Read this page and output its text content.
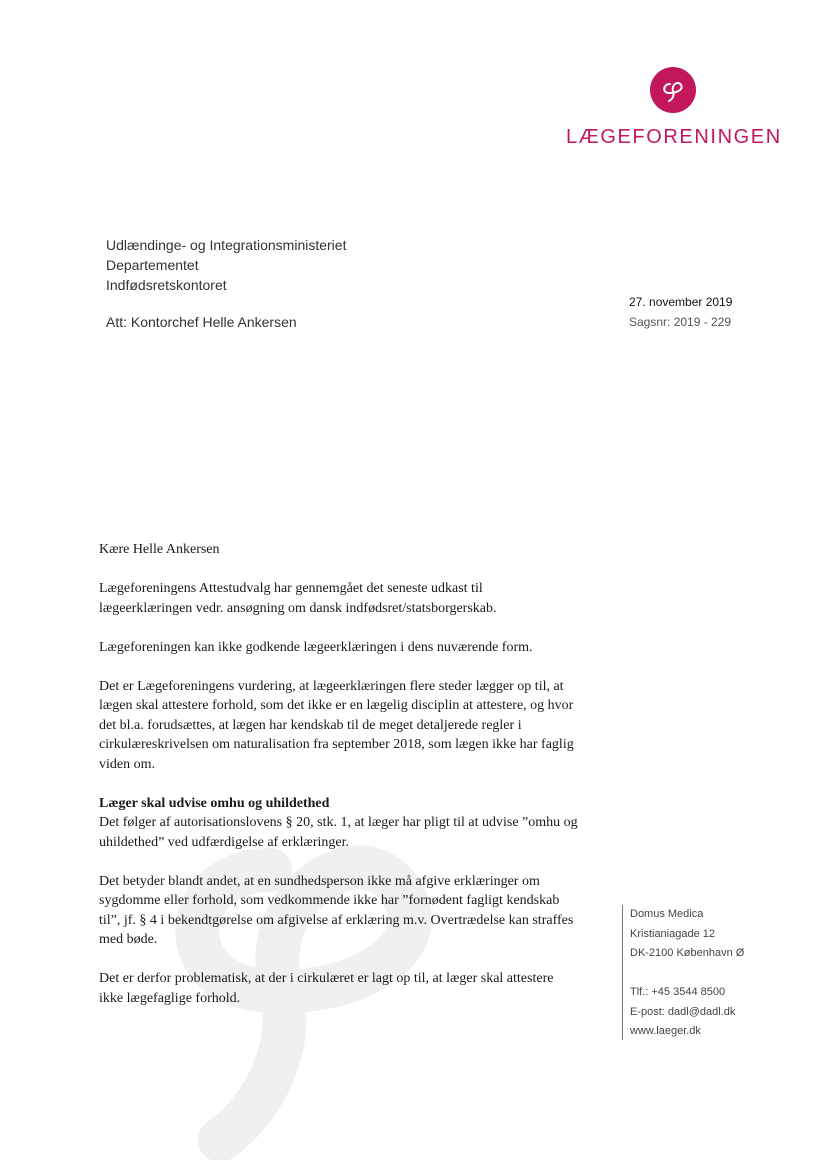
LÆGEFORENINGEN
Udlændinge- og Integrationsministeriet
Departementet
Indfødsretskontoret
Att: Kontorchef Helle Ankersen
27. november 2019
Sagsnr: 2019 - 229

Kære Helle Ankersen

Lægeforeningens Attestudvalg har gennemgået det seneste udkast til lægeerklæringen vedr. ansøgning om dansk indfødsret/statsborgerskab.

Lægeforeningen kan ikke godkende lægeerklæringen i dens nuværende form.

Det er Lægeforeningens vurdering, at lægeerklæringen flere steder lægger op til, at lægen skal attestere forhold, som det ikke er en lægelig disciplin at attestere, og hvor det bl.a. forudsættes, at lægen har kendskab til de meget detaljerede regler i cirkulæreskrivelsen om naturalisation fra september 2018, som lægen ikke har faglig viden om.

Læger skal udvise omhu og uhildethed

Det følger af autorisationslovens § 20, stk. 1, at læger har pligt til at udvise ”omhu og uhildethed” ved udfærdigelse af erklæringer.

Det betyder blandt andet, at en sundhedsperson ikke må afgive erklæringer om sygdomme eller forhold, som vedkommende ikke har ”fornødent fagligt kendskab til”, jf. § 4 i bekendtgørelse om afgivelse af erklæring m.v. Overtrædelse kan straffes med bøde.

Det er derfor problematisk, at der i cirkulæret er lagt op til, at læger skal attestere ikke lægefaglige forhold.

Domus Medica
Kristianiagade 12
DK-2100 København Ø
Tlf.: +45 3544 8500
E-post: dadl@dadl.dk
www.laeger.dk
